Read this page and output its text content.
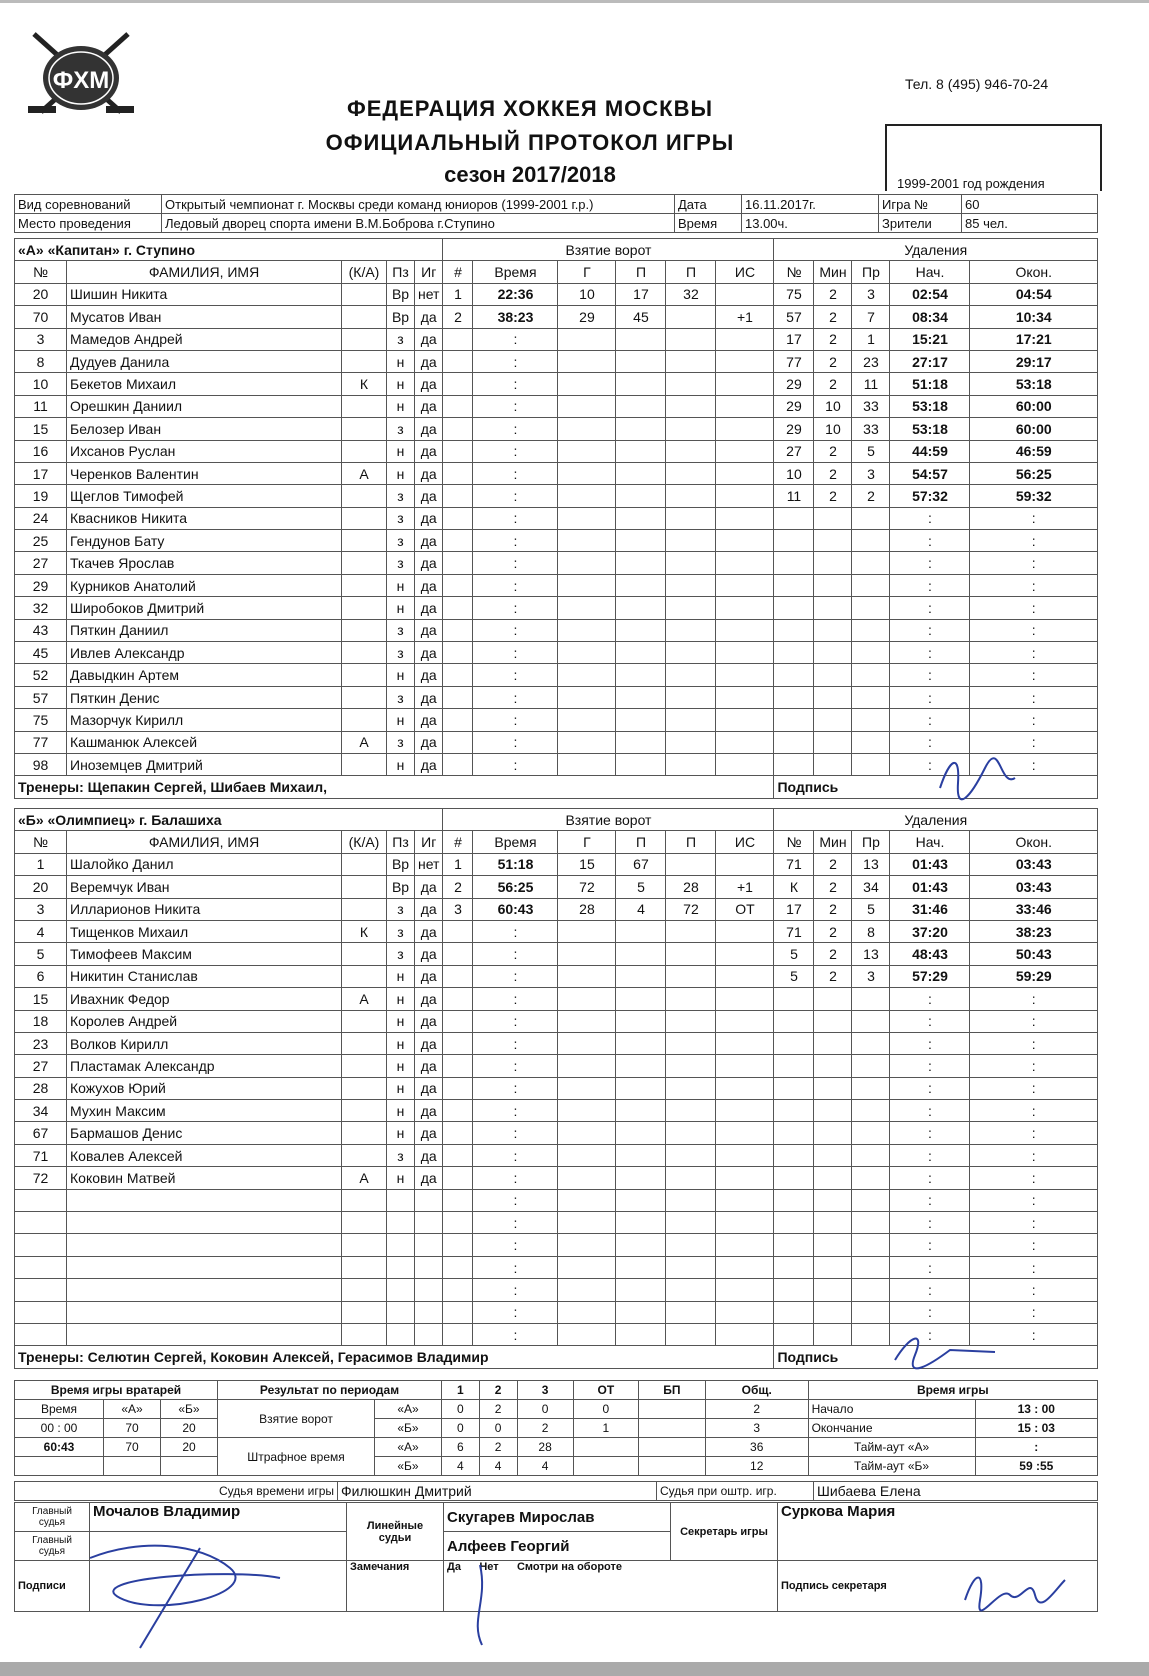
ФХМ	Тел. 8 (495) 946-70-24
ФЕДЕРАЦИЯ ХОККЕЯ МОСКВЫ
ОФИЦИАЛЬНЫЙ ПРОТОКОЛ ИГРЫ
сезон 2017/2018	1999-2001 год рождения
Вид соревнований	Открытый чемпионат г. Москвы среди команд юниоров (1999-2001 г.р.)	Дата	16.11.2017г.	Игра №	60
Место проведения	Ледовый дворец спорта имени В.М.Боброва г.Ступино	Время	13.00ч.	Зрители	85 чел.
«А» «Капитан» г. Ступино					Взятие ворот						Удаления				
№	ФАМИЛИЯ, ИМЯ	(К/А)	Пз	Иг	#	Время	Г	П	П	ИС	№	Мин	Пр	Нач.	Окон.
20	Шишин Никита		Вр	нет	1	22:36	10	17	32		75	2	3	02:54	04:54
70	Мусатов Иван		Вр	да	2	38:23	29	45		+1	57	2	7	08:34	10:34
3	Мамедов Андрей		з	да		:					17	2	1	15:21	17:21
8	Дудуев Данила		н	да		:					77	2	23	27:17	29:17
10	Бекетов Михаил	К	н	да		:					29	2	11	51:18	53:18
11	Орешкин Даниил		н	да		:					29	10	33	53:18	60:00
15	Белозер Иван		з	да		:					29	10	33	53:18	60:00
16	Ихсанов Руслан		н	да		:					27	2	5	44:59	46:59
17	Черенков Валентин	А	н	да		:					10	2	3	54:57	56:25
19	Щеглов Тимофей		з	да		:					11	2	2	57:32	59:32
24	Квасников Никита		з	да		:								:	:
25	Гендунов Бату		з	да		:								:	:
27	Ткачев Ярослав		з	да		:								:	:
29	Курников Анатолий		н	да		:								:	:
32	Широбоков Дмитрий		н	да		:								:	:
43	Пяткин Даниил		з	да		:								:	:
45	Ивлев Александр		з	да		:								:	:
52	Давыдкин Артем		н	да		:								:	:
57	Пяткин Денис		з	да		:								:	:
75	Мазорчук Кирилл		н	да		:								:	:
77	Кашманюк Алексей	А	з	да		:								:	:
98	Иноземцев Дмитрий		н	да		:								:	:
Тренеры: Щепакин Сергей, Шибаев Михаил,											Подпись				
«Б» «Олимпиец» г. Балашиха					Взятие ворот						Удаления				
№	ФАМИЛИЯ, ИМЯ	(К/А)	Пз	Иг	#	Время	Г	П	П	ИС	№	Мин	Пр	Нач.	Окон.
1	Шалойко Данил		Вр	нет	1	51:18	15	67			71	2	13	01:43	03:43
20	Веремчук Иван		Вр	да	2	56:25	72	5	28	+1	К	2	34	01:43	03:43
3	Илларионов Никита		з	да	3	60:43	28	4	72	ОТ	17	2	5	31:46	33:46
4	Тищенков Михаил	К	з	да		:					71	2	8	37:20	38:23
5	Тимофеев Максим		з	да		:					5	2	13	48:43	50:43
6	Никитин Станислав		н	да		:					5	2	3	57:29	59:29
15	Ивахник Федор	А	н	да		:								:	:
18	Королев Андрей		н	да		:								:	:
23	Волков Кирилл		н	да		:								:	:
27	Пластамак Александр		н	да		:								:	:
28	Кожухов Юрий		н	да		:								:	:
34	Мухин Максим		н	да		:								:	:
67	Бармашов Денис		н	да		:								:	:
71	Ковалев Алексей		з	да		:								:	:
72	Коковин Матвей	А	н	да		:								:	:
						:								:	:
						:								:	:
						:								:	:
						:								:	:
						:								:	:
						:								:	:
						:								:	:
Тренеры: Селютин Сергей, Коковин Алексей, Герасимов Владимир											Подпись				
Время игры вратарей			Результат по периодам		1	2	3	ОТ	БП	Общ.	Время игры	
Время	«А»	«Б»	Взятие ворот	«А»	0	2	0	0		2	Начало	13 : 00
00 : 00	70	20		«Б»	0	0	2	1		3	Окончание	15 : 03
60:43	70	20	Штрафное время	«А»	6	2	28			36	Тайм-аут «А»	:
				«Б»	4	4	4			12	Тайм-аут «Б»	59 :55
Судья времени игры	Филюшкин Дмитрий	Судья при оштр. игр.	Шибаева Елена
Главный судья	Мочалов Владимир	Линейные судьи	Скугарев Мирослав	Секретарь игры	Суркова Мария
Главный судья			Алфеев Георгий		
Подписи		Замечания	Да Нет Смотри на обороте		Подпись секретаря
